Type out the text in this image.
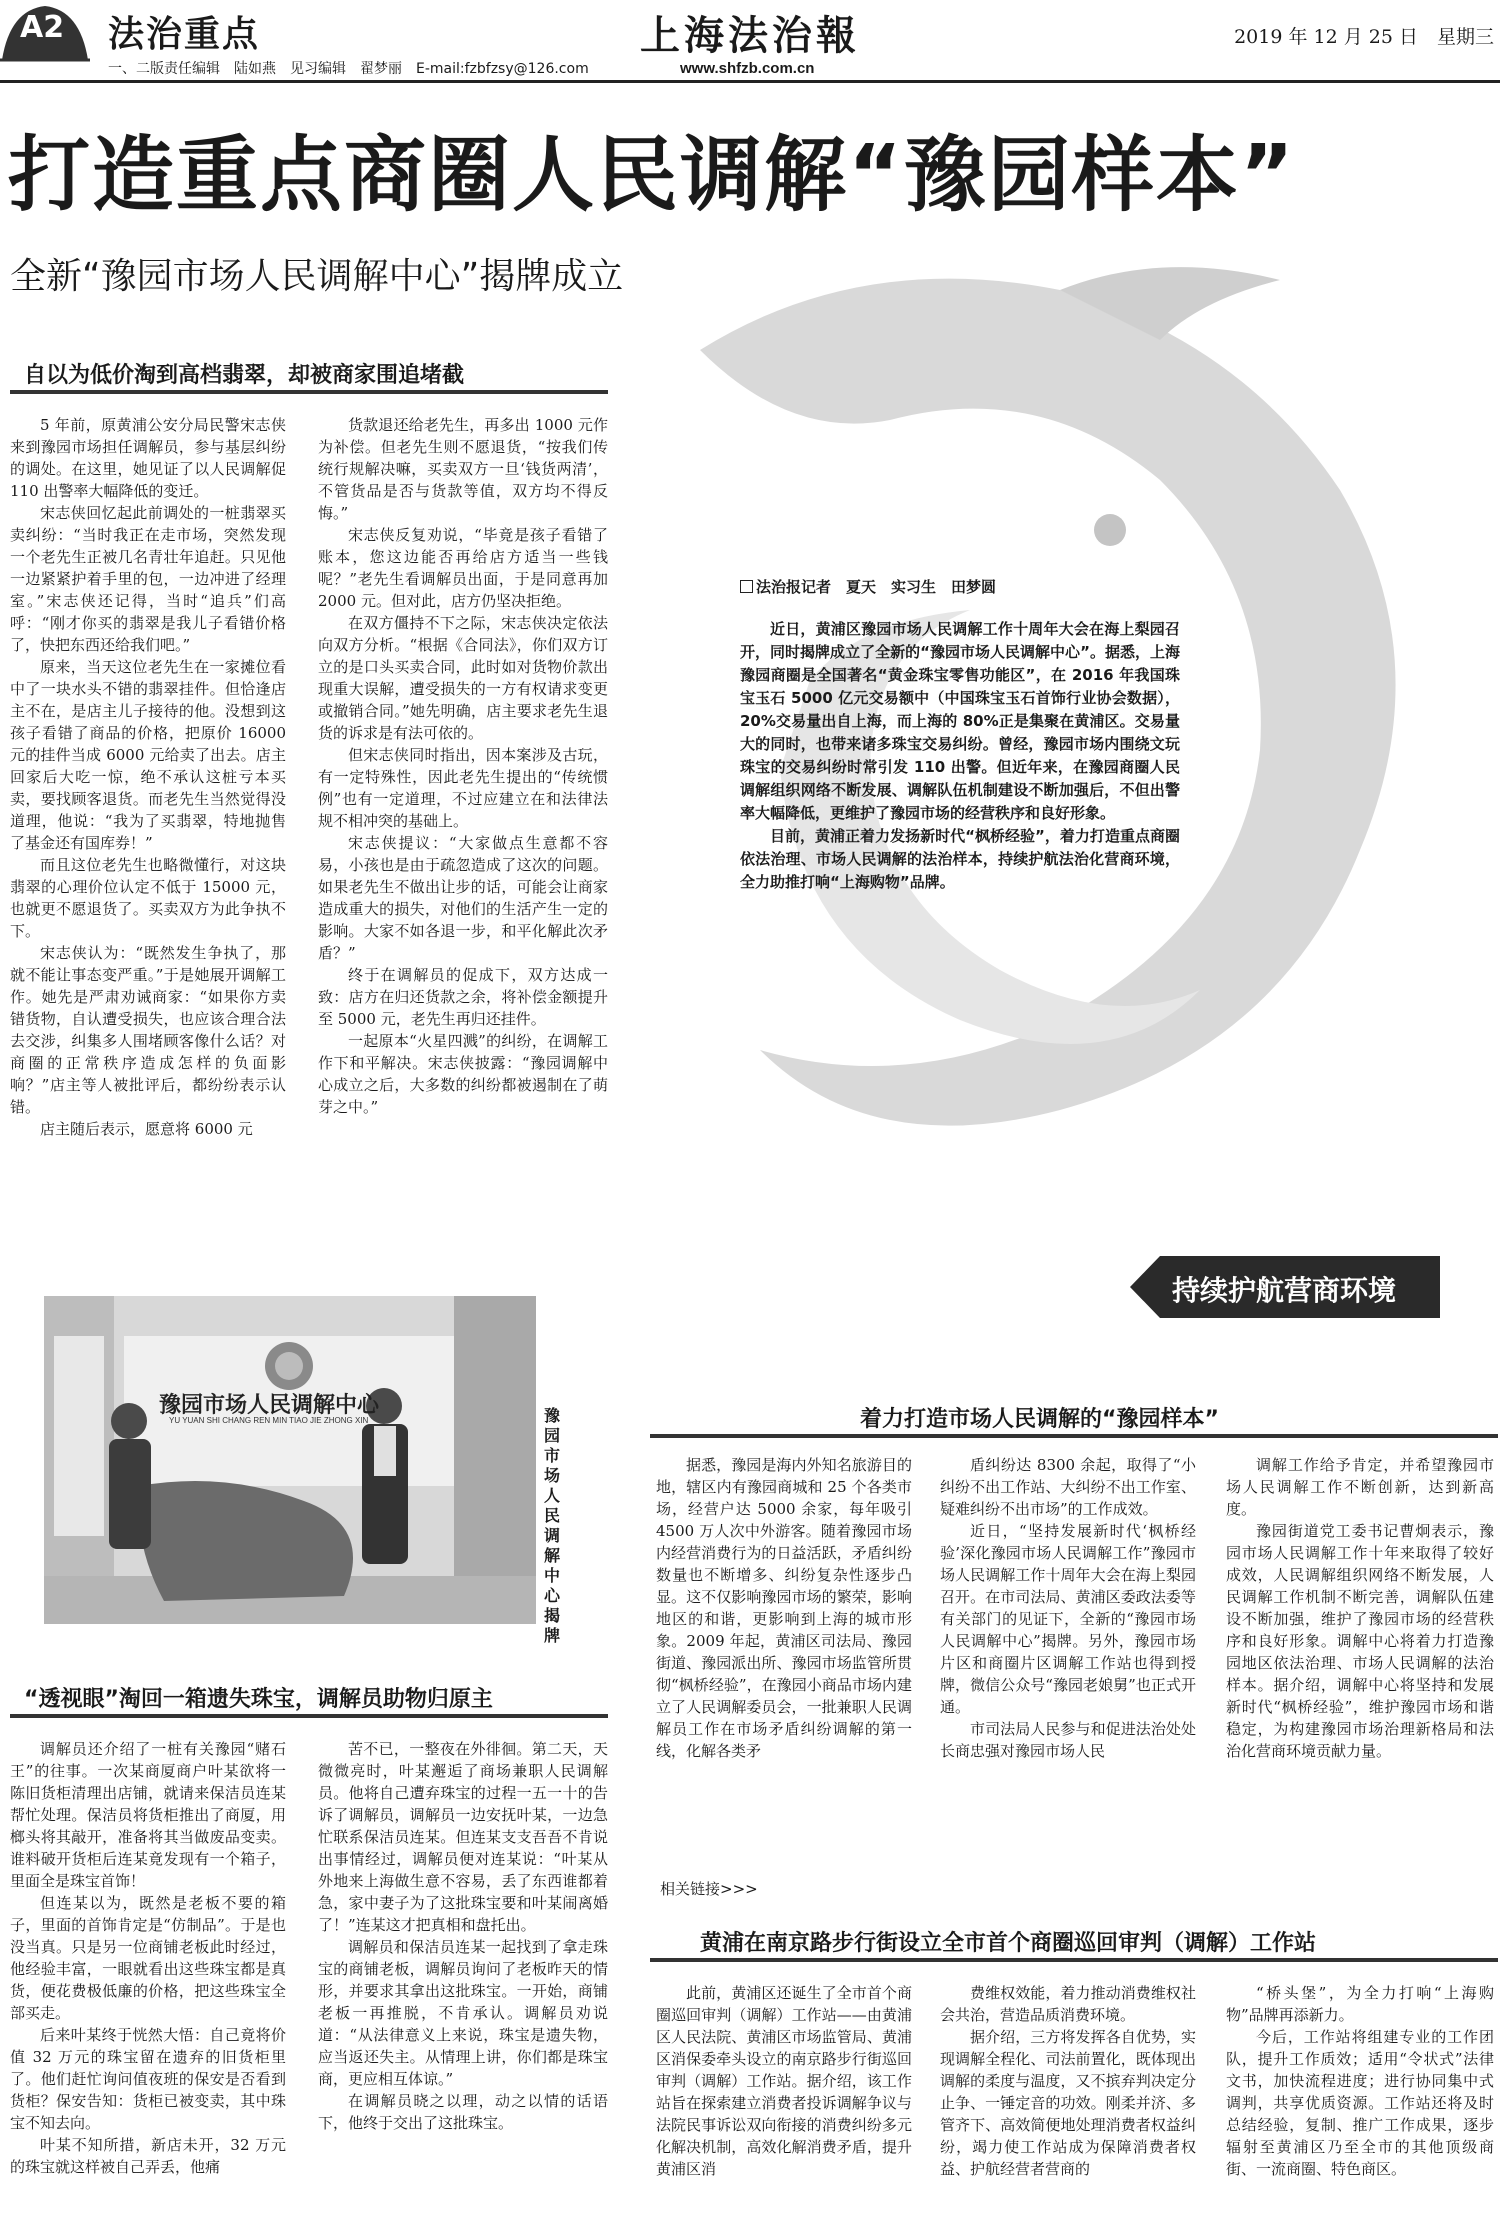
A2 法治重点
一、二版责任编辑　陆如燕　见习编辑　翟梦丽　E-mail:fzbfzsy@126.com
上海法治報
www.shfzb.com.cn
2019 年 12 月 25 日　星期三
打造重点商圈人民调解“豫园样本”
全新“豫园市场人民调解中心”揭牌成立
自以为低价淘到高档翡翠，却被商家围追堵截

5 年前，原黄浦公安分局民警宋志侠来到豫园市场担任调解员，参与基层纠纷的调处。在这里，她见证了以人民调解促 110 出警率大幅降低的变迁。

宋志侠回忆起此前调处的一桩翡翠买卖纠纷：“当时我正在走市场，突然发现一个老先生正被几名青壮年追赶。只见他一边紧紧护着手里的包，一边冲进了经理室。”宋志侠还记得，当时“追兵”们高呼：“刚才你买的翡翠是我儿子看错价格了，快把东西还给我们吧。”

原来，当天这位老先生在一家摊位看中了一块水头不错的翡翠挂件。但恰逢店主不在，是店主儿子接待的他。没想到这孩子看错了商品的价格，把原价 16000 元的挂件当成 6000 元给卖了出去。店主回家后大吃一惊，绝不承认这桩亏本买卖，要找顾客退货。而老先生当然觉得没道理，他说：“我为了买翡翠，特地抛售了基金还有国库券！”

而且这位老先生也略微懂行，对这块翡翠的心理价位认定不低于 15000 元，也就更不愿退货了。买卖双方为此争执不下。

宋志侠认为：“既然发生争执了，那就不能让事态变严重。”于是她展开调解工作。她先是严肃劝诫商家：“如果你方卖错货物，自认遭受损失，也应该合理合法去交涉，纠集多人围堵顾客像什么话？对商圈的正常秩序造成怎样的负面影响？”店主等人被批评后，都纷纷表示认错。

店主随后表示，愿意将 6000 元

货款退还给老先生，再多出 1000 元作为补偿。但老先生则不愿退货，“按我们传统行规解决嘛，买卖双方一旦‘钱货两清’，不管货品是否与货款等值，双方均不得反悔。”

宋志侠反复劝说，“毕竟是孩子看错了账本，您这边能否再给店方适当一些钱呢？”老先生看调解员出面，于是同意再加 2000 元。但对此，店方仍坚决拒绝。

在双方僵持不下之际，宋志侠决定依法向双方分析。“根据《合同法》，你们双方订立的是口头买卖合同，此时如对货物价款出现重大误解，遭受损失的一方有权请求变更或撤销合同。”她先明确，店主要求老先生退货的诉求是有法可依的。

但宋志侠同时指出，因本案涉及古玩，有一定特殊性，因此老先生提出的“传统惯例”也有一定道理，不过应建立在和法律法规不相冲突的基础上。

宋志侠提议：“大家做点生意都不容易，小孩也是由于疏忽造成了这次的问题。如果老先生不做出让步的话，可能会让商家造成重大的损失，对他们的生活产生一定的影响。大家不如各退一步，和平化解此次矛盾？”

终于在调解员的促成下，双方达成一致：店方在归还货款之余，将补偿金额提升至 5000 元，老先生再归还挂件。

一起原本“火星四溅”的纠纷，在调解工作下和平解决。宋志侠披露：“豫园调解中心成立之后，大多数的纠纷都被遏制在了萌芽之中。”

法治报记者　夏天　实习生　田梦圆

近日，黄浦区豫园市场人民调解工作十周年大会在海上梨园召开，同时揭牌成立了全新的“豫园市场人民调解中心”。据悉，上海豫园商圈是全国著名“黄金珠宝零售功能区”，在 2016 年我国珠宝玉石 5000 亿元交易额中（中国珠宝玉石首饰行业协会数据），20%交易量出自上海，而上海的 80%正是集聚在黄浦区。交易量大的同时，也带来诸多珠宝交易纠纷。曾经，豫园市场内围绕文玩珠宝的交易纠纷时常引发 110 出警。但近年来，在豫园商圈人民调解组织网络不断发展、调解队伍机制建设不断加强后，不但出警率大幅降低，更维护了豫园市场的经营秩序和良好形象。

目前，黄浦正着力发扬新时代“枫桥经验”，着力打造重点商圈依法治理、市场人民调解的法治样本，持续护航法治化营商环境，全力助推打响“上海购物”品牌。

持续护航营商环境
豫园市场人民调解中心
YU YUAN SHI CHANG REN MIN TIAO JIE ZHONG XIN	豫园市场人民调解中心揭牌
“透视眼”淘回一箱遗失珠宝，调解员助物归原主

调解员还介绍了一桩有关豫园“赌石王”的往事。一次某商厦商户叶某欲将一陈旧货柜清理出店铺，就请来保洁员连某帮忙处理。保洁员将货柜推出了商厦，用榔头将其敲开，准备将其当做废品变卖。谁料破开货柜后连某竟发现有一个箱子，里面全是珠宝首饰！

但连某以为，既然是老板不要的箱子，里面的首饰肯定是“仿制品”。于是也没当真。只是另一位商铺老板此时经过，他经验丰富，一眼就看出这些珠宝都是真货，便花费极低廉的价格，把这些珠宝全部买走。

后来叶某终于恍然大悟：自己竟将价值 32 万元的珠宝留在遗弃的旧货柜里了。他们赶忙询问值夜班的保安是否看到货柜？保安告知：货柜已被变卖，其中珠宝不知去向。

叶某不知所措，新店未开，32 万元的珠宝就这样被自己弄丢，他痛

苦不已，一整夜在外徘徊。第二天，天微微亮时，叶某邂逅了商场兼职人民调解员。他将自己遭弃珠宝的过程一五一十的告诉了调解员，调解员一边安抚叶某，一边急忙联系保洁员连某。但连某支支吾吾不肯说出事情经过，调解员便对连某说：“叶某从外地来上海做生意不容易，丢了东西谁都着急，家中妻子为了这批珠宝要和叶某闹离婚了！”连某这才把真相和盘托出。

调解员和保洁员连某一起找到了拿走珠宝的商铺老板，调解员询问了老板昨天的情形，并要求其拿出这批珠宝。一开始，商铺老板一再推脱，不肯承认。调解员劝说道：“从法律意义上来说，珠宝是遗失物，应当返还失主。从情理上讲，你们都是珠宝商，更应相互体谅。”

在调解员晓之以理，动之以情的话语下，他终于交出了这批珠宝。

着力打造市场人民调解的“豫园样本”

据悉，豫园是海内外知名旅游目的地，辖区内有豫园商城和 25 个各类市场，经营户达 5000 余家，每年吸引 4500 万人次中外游客。随着豫园市场内经营消费行为的日益活跃，矛盾纠纷数量也不断增多、纠纷复杂性逐步凸显。这不仅影响豫园市场的繁荣，影响地区的和谐，更影响到上海的城市形象。2009 年起，黄浦区司法局、豫园街道、豫园派出所、豫园市场监管所贯彻“枫桥经验”，在豫园小商品市场内建立了人民调解委员会，一批兼职人民调解员工作在市场矛盾纠纷调解的第一线，化解各类矛

盾纠纷达 8300 余起，取得了“小纠纷不出工作站、大纠纷不出工作室、疑难纠纷不出市场”的工作成效。

近日，“坚持发展新时代‘枫桥经验’深化豫园市场人民调解工作”豫园市场人民调解工作十周年大会在海上梨园召开。在市司法局、黄浦区委政法委等有关部门的见证下，全新的“豫园市场人民调解中心”揭牌。另外，豫园市场片区和商圈片区调解工作站也得到授牌，微信公众号“豫园老娘舅”也正式开通。

市司法局人民参与和促进法治处处长商忠强对豫园市场人民

调解工作给予肯定，并希望豫园市场人民调解工作不断创新，达到新高度。

豫园街道党工委书记曹炯表示，豫园市场人民调解工作十年来取得了较好成效，人民调解组织网络不断发展，人民调解工作机制不断完善，调解队伍建设不断加强，维护了豫园市场的经营秩序和良好形象。调解中心将着力打造豫园地区依法治理、市场人民调解的法治样本。据介绍，调解中心将坚持和发展新时代“枫桥经验”，维护豫园市场和谐稳定，为构建豫园市场治理新格局和法治化营商环境贡献力量。

相关链接>>>
黄浦在南京路步行街设立全市首个商圈巡回审判（调解）工作站

此前，黄浦区还诞生了全市首个商圈巡回审判（调解）工作站——由黄浦区人民法院、黄浦区市场监管局、黄浦区消保委牵头设立的南京路步行街巡回审判（调解）工作站。据介绍，该工作站旨在探索建立消费者投诉调解争议与法院民事诉讼双向衔接的消费纠纷多元化解决机制，高效化解消费矛盾，提升黄浦区消

费维权效能，着力推动消费维权社会共治，营造品质消费环境。

据介绍，三方将发挥各自优势，实现调解全程化、司法前置化，既体现出调解的柔度与温度，又不摈弃判决定分止争、一锤定音的功效。刚柔并济、多管齐下、高效简便地处理消费者权益纠纷，竭力使工作站成为保障消费者权益、护航经营者营商的

“桥头堡”，为全力打响“上海购物”品牌再添新力。

今后，工作站将组建专业的工作团队，提升工作质效；适用“令状式”法律文书，加快流程进度；进行协同集中式调判，共享优质资源。工作站还将及时总结经验，复制、推广工作成果，逐步辐射至黄浦区乃至全市的其他顶级商街、一流商圈、特色商区。
